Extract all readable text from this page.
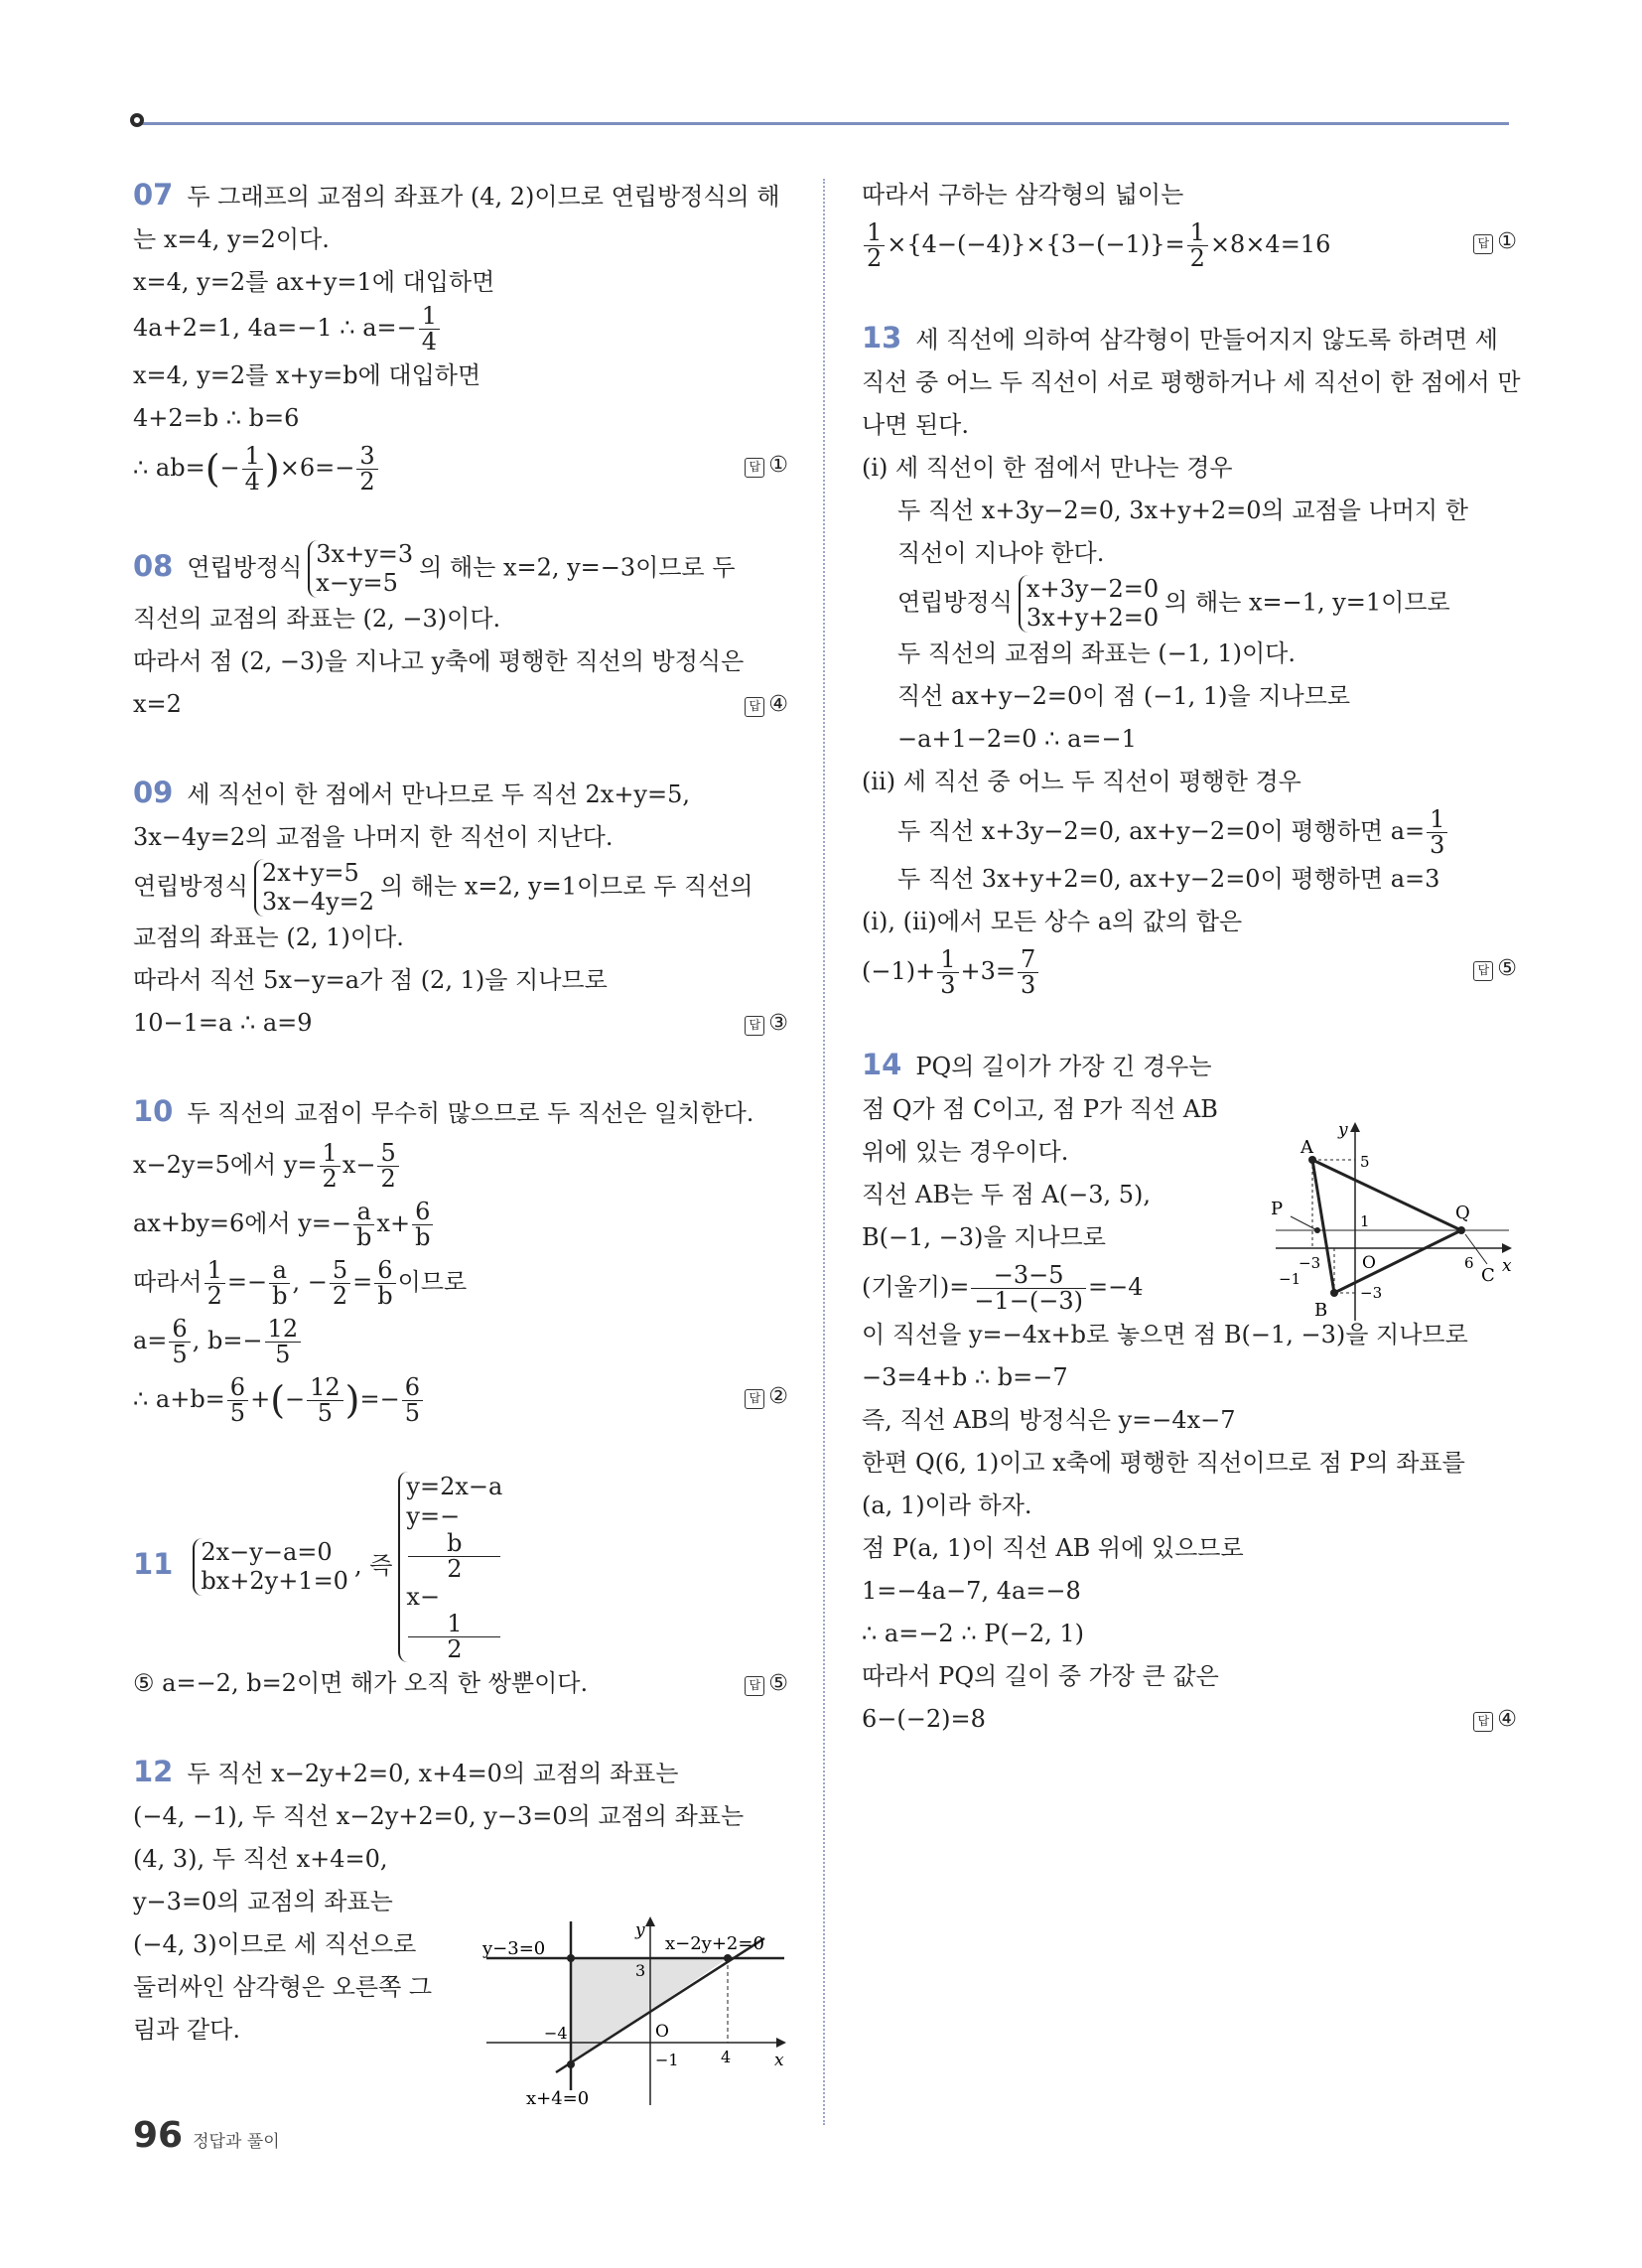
07 두 그래프의 교점의 좌표가 (4, 2)이므로 연립방정식의 해
는 x=4, y=2이다.
x=4, y=2를 ax+y=1에 대입하면
4a+2=1, 4a=−1 ∴ $a=- \frac{1}{4}$
x=4, y=2를 x+y=b에 대입하면
4+2=b ∴ b=6
∴ $ab=(- \frac{1}{4} )\times 6=- \frac{3}{2}$	답 ①
08 연립방정식 3x+y=3
x−y=5
의 해는 x=2, y=−3이므로 두
직선의 교점의 좌표는 (2, −3)이다.
따라서 점 (2, −3)을 지나고 y축에 평행한 직선의 방정식은
x=2	답 ④
09 세 직선이 한 점에서 만나므로 두 직선 2x+y=5,
3x−4y=2의 교점을 나머지 한 직선이 지난다.
연립방정식 2x+y=5
3x−4y=2
의 해는 x=2, y=1이므로 두 직선의
교점의 좌표는 (2, 1)이다.
따라서 직선 5x−y=a가 점 (2, 1)을 지나므로
10−1=a ∴ a=9	답 ③
10 두 직선의 교점이 무수히 많으므로 두 직선은 일치한다.
x−2y=5에서 $y= \frac{1}{2} x- \frac{5}{2}$
ax+by=6에서 $y=- \frac{a}{b} x+ \frac{6}{b}$
따라서 $\frac{1}{2} =- \frac{a}{b}$ , − $\frac{5}{2} = \frac{6}{b}$ 이므로
$a= \frac{6}{5}$ , $b=- \frac{12}{5}$
∴ $a+b= \frac{6}{5}$ +(− $\frac{12}{5}$ )=− $\frac{6}{5}$	답 ②
11 2x−y−a=0
bx+2y+1=0
, 즉
y=2x−a
y=−
b
2
x−
1
2
⑤ a=−2, b=2이면 해가 오직 한 쌍뿐이다.	답 ⑤
12 두 직선 x−2y+2=0, x+4=0의 교점의 좌표는
(−4, −1), 두 직선 x−2y+2=0, y−3=0의 교점의 좌표는
(4, 3), 두 직선 x+4=0,
y−3=0의 교점의 좌표는
(−4, 3)이므로 세 직선으로
둘러싸인 삼각형은 오른쪽 그
림과 같다.
y−3=0	x−2y+2=0
x+4=0
y
x
O
3
−4
−1	4
따라서 구하는 삼각형의 넓이는
$\frac{1}{2} \times\{4-(-4)\}\times\{3-(-1)\}= \frac{1}{2} \times 8\times 4=16$	답 ①
13 세 직선에 의하여 삼각형이 만들어지지 않도록 하려면 세
직선 중 어느 두 직선이 서로 평행하거나 세 직선이 한 점에서 만
나면 된다.
(ⅰ) 세 직선이 한 점에서 만나는 경우
두 직선 x+3y−2=0, 3x+y+2=0의 교점을 나머지 한
직선이 지나야 한다.
연립방정식 x+3y−2=0
3x+y+2=0
의 해는 x=−1, y=1이므로
두 직선의 교점의 좌표는 (−1, 1)이다.
직선 ax+y−2=0이 점 (−1, 1)을 지나므로
−a+1−2=0 ∴ a=−1
(ⅱ) 세 직선 중 어느 두 직선이 평행한 경우
두 직선 x+3y−2=0, ax+y−2=0이 평행하면 $a= \frac{1}{3}$
두 직선 3x+y+2=0, ax+y−2=0이 평행하면 a=3
(ⅰ), (ⅱ)에서 모든 상수 a의 값의 합은
$(-1)+ \frac{1}{3} +3= \frac{7}{3}$	답 ⑤
14 PQ의 길이가 가장 긴 경우는
점 Q가 점 C이고, 점 P가 직선 AB
위에 있는 경우이다.
직선 AB는 두 점 A(−3, 5),
B(−1, −3)을 지나므로
(기울기)= $\frac{-3-5}{-1-(-3)} =-4$
이 직선을 y=−4x+b로 놓으면 점 B(−1, −3)을 지나므로
−3=4+b ∴ b=−7
즉, 직선 AB의 방정식은 y=−4x−7
한편 Q(6, 1)이고 x축에 평행한 직선이므로 점 P의 좌표를
(a, 1)이라 하자.
점 P(a, 1)이 직선 AB 위에 있으므로
1=−4a−7, 4a=−8
∴ a=−2 ∴ P(−2, 1)
따라서 PQ의 길이 중 가장 큰 값은
6−(−2)=8	답 ④
A
B
C
P	Q
O	x
y
5
1
−3
−1
6
−3
96 정답과 풀이
